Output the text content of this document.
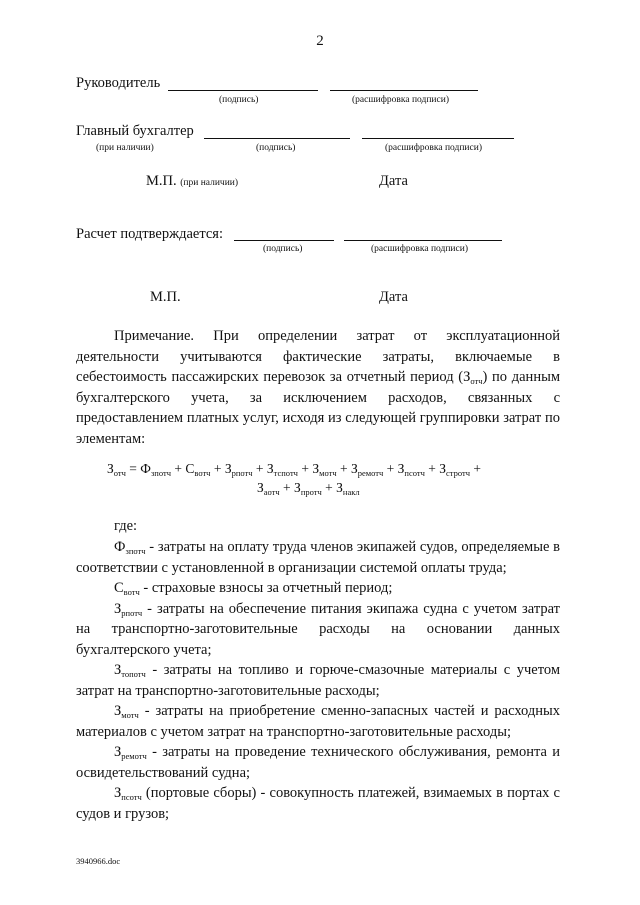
2
Руководитель
(подпись)	(расшифровка подписи)
Главный бухгалтер
(при наличии)	(подпись)	(расшифровка подписи)
М.П. (при наличии)	Дата
Расчет подтверждается:
(подпись)	(расшифровка подписи)
М.П.	Дата

Примечание. При определении затрат от эксплуатационной деятельности учитываются фактические затраты, включаемые в себестоимость пассажирских перевозок за отчетный период $(З_{отч})$ по данным бухгалтерского учета, за исключением расходов, связанных с предоставлением платных услуг, исходя из следующей группировки затрат по элементам:

$З_{отч} = Ф_{зпотч} + С_{вотч} + З_{рпотч} + З_{тспотч} + З_{мотч} + З_{ремотч} + З_{псотч} + З_{стротч}$ +
$З_{аотч} + З_{протч} + З_{накл}$
где:

$Ф_{зпотч}$ - затраты на оплату труда членов экипажей судов, определяемые в соответствии с установленной в организации системой оплаты труда;

$С_{вотч}$ - страховые взносы за отчетный период;

$З_{рпотч}$ - затраты на обеспечение питания экипажа судна с учетом затрат на транспортно-заготовительные расходы на основании данных бухгалтерского учета;

$З_{топотч}$ - затраты на топливо и горюче-смазочные материалы с учетом затрат на транспортно-заготовительные расходы;

$З_{мотч}$ - затраты на приобретение сменно-запасных частей и расходных материалов с учетом затрат на транспортно-заготовительные расходы;

$З_{ремотч}$ - затраты на проведение технического обслуживания, ремонта и освидетельствований судна;

$З_{псотч}$ (портовые сборы) - совокупность платежей, взимаемых в портах с судов и грузов;

3940966.doc
